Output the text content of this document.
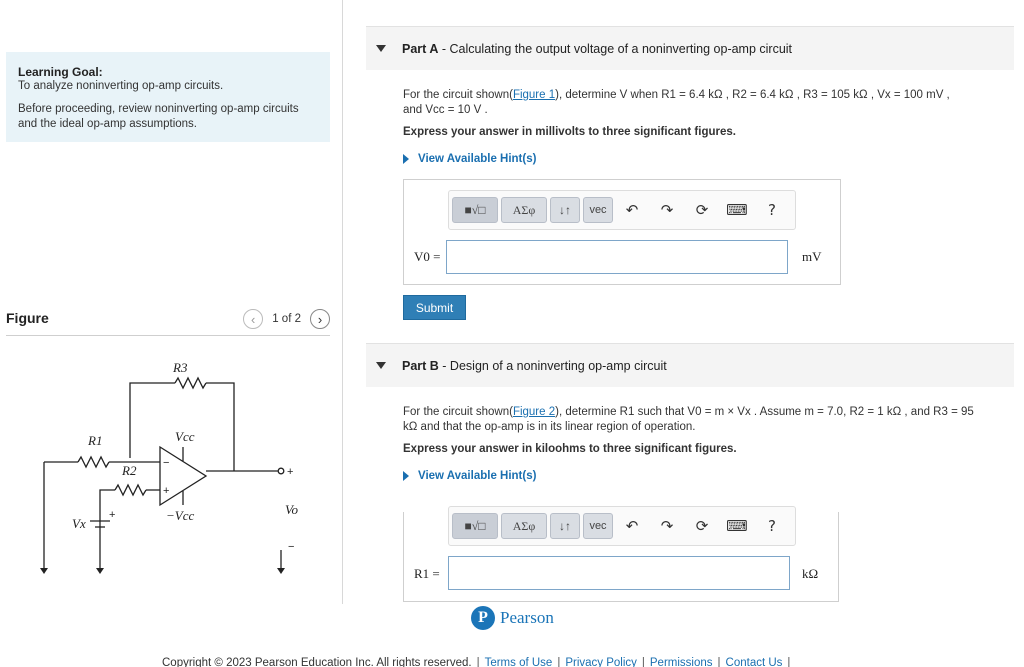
Learning Goal:
To analyze noninverting op-amp circuits.
Before proceeding, review noninverting op-amp circuits
and the ideal op-amp assumptions.
Figure	‹	1 of 2	›
R3
R1
R2
Vcc
−Vcc
Vx
Vo
−
+
+
−
+
Part A - Calculating the output voltage of a noninverting op-amp circuit
For the circuit shown(Figure 1), determine V when R1 = 6.4 kΩ , R2 = 6.4 kΩ , R3 = 105 kΩ , Vx = 100 mV ,
and Vcc = 10 V .
Express your answer in millivolts to three significant figures.
View Available Hint(s)
■√□	ΑΣφ	↓↑	vec	↶	↷	⟳	⌨	?
V0 =	mV
Submit
Part B - Design of a noninverting op-amp circuit
For the circuit shown(Figure 2), determine R1 such that V0 = m × Vx . Assume m = 7.0, R2 = 1 kΩ , and R3 = 95
kΩ and that the op-amp is in its linear region of operation.
Express your answer in kiloohms to three significant figures.
View Available Hint(s)
■√□	ΑΣφ	↓↑	vec	↶	↷	⟳	⌨	?
R1 =	kΩ
P Pearson
Copyright © 2023 Pearson Education Inc. All rights reserved. | Terms of Use | Privacy Policy | Permissions | Contact Us |
